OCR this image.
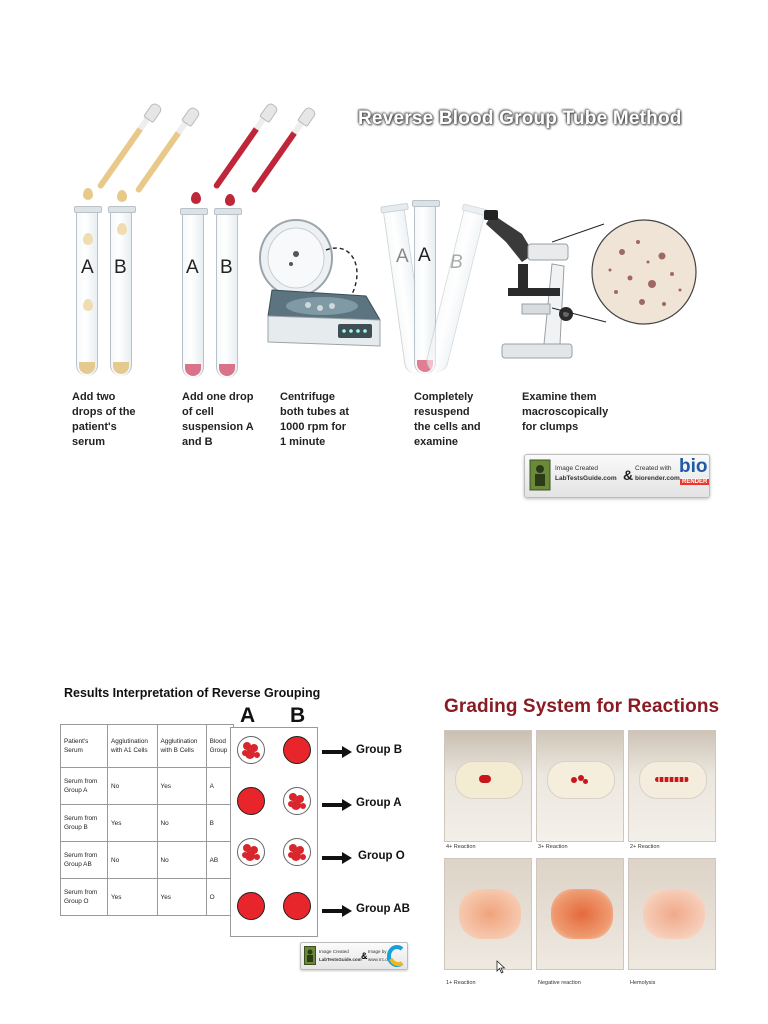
Reverse Blood Group Tube Method
A B	A B
A A B
Add two
drops of the
patient's
serum
Add one drop
of cell
suspension A
and B
Centrifuge
both tubes at
1000 rpm for
1 minute
Completely
resuspend
the cells and
examine
Examine them
macroscopically
for clumps
Image Created
LabTestsGuide.com & Created with
biorender.com
bio
RENDER
Results Interpretation of Reverse Grouping
A B
Patient's Serum	Agglutination with A1 Cells	Agglutination with B Cells	Blood Group
Serum from Group A	No	Yes	A
Serum from Group B	Yes	No	B
Serum from Group AB	No	No	AB
Serum from Group O	Yes	Yes	O
Group B
Group A
Group O
Group AB
Image Created
LabTestsGuide.com & Image by
www.rrc.org
Grading System for Reactions
4+ Reaction	3+ Reaction	2+ Reaction
1+ Reaction	Negative reaction	Hemolysis
